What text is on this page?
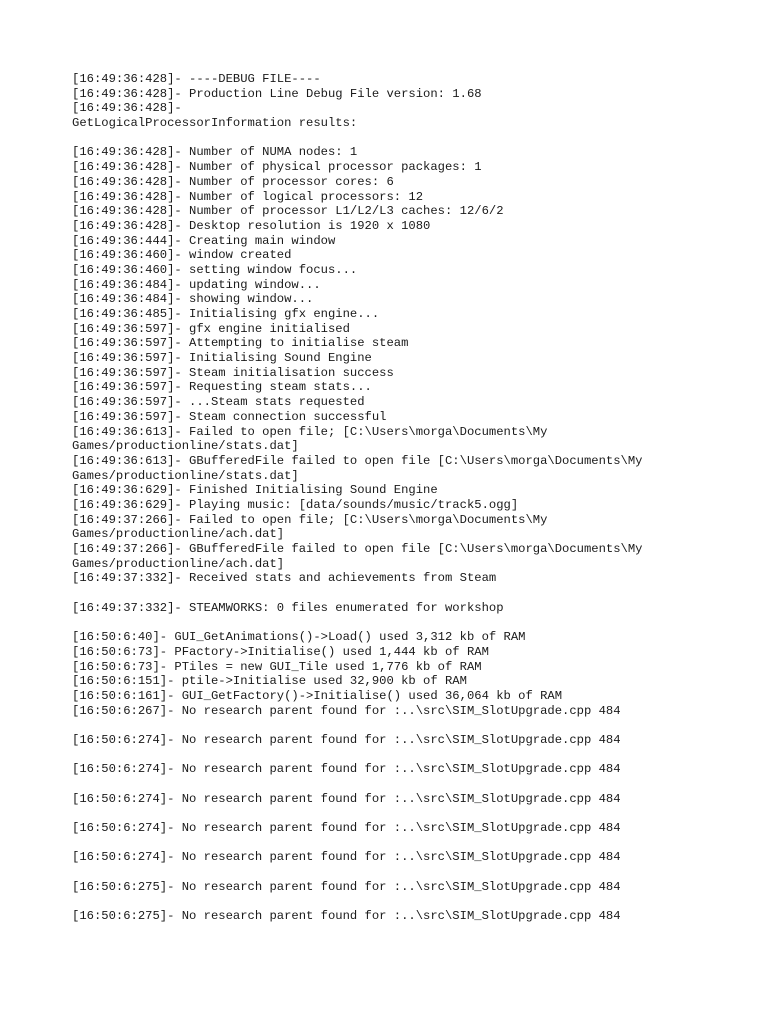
[16:49:36:428]- ----DEBUG FILE----
[16:49:36:428]- Production Line Debug File version: 1.68
[16:49:36:428]-
GetLogicalProcessorInformation results:
[16:49:36:428]- Number of NUMA nodes: 1
[16:49:36:428]- Number of physical processor packages: 1
[16:49:36:428]- Number of processor cores: 6
[16:49:36:428]- Number of logical processors: 12
[16:49:36:428]- Number of processor L1/L2/L3 caches: 12/6/2
[16:49:36:428]- Desktop resolution is 1920 x 1080
[16:49:36:444]- Creating main window
[16:49:36:460]- window created
[16:49:36:460]- setting window focus...
[16:49:36:484]- updating window...
[16:49:36:484]- showing window...
[16:49:36:485]- Initialising gfx engine...
[16:49:36:597]- gfx engine initialised
[16:49:36:597]- Attempting to initialise steam
[16:49:36:597]- Initialising Sound Engine
[16:49:36:597]- Steam initialisation success
[16:49:36:597]- Requesting steam stats...
[16:49:36:597]- ...Steam stats requested
[16:49:36:597]- Steam connection successful
[16:49:36:613]- Failed to open file; [C:\Users\morga\Documents\My
Games/productionline/stats.dat]
[16:49:36:613]- GBufferedFile failed to open file [C:\Users\morga\Documents\My
Games/productionline/stats.dat]
[16:49:36:629]- Finished Initialising Sound Engine
[16:49:36:629]- Playing music: [data/sounds/music/track5.ogg]
[16:49:37:266]- Failed to open file; [C:\Users\morga\Documents\My
Games/productionline/ach.dat]
[16:49:37:266]- GBufferedFile failed to open file [C:\Users\morga\Documents\My
Games/productionline/ach.dat]
[16:49:37:332]- Received stats and achievements from Steam
[16:49:37:332]- STEAMWORKS: 0 files enumerated for workshop
[16:50:6:40]- GUI_GetAnimations()->Load() used 3,312 kb of RAM
[16:50:6:73]- PFactory->Initialise() used 1,444 kb of RAM
[16:50:6:73]- PTiles = new GUI_Tile used 1,776 kb of RAM
[16:50:6:151]- ptile->Initialise used 32,900 kb of RAM
[16:50:6:161]- GUI_GetFactory()->Initialise() used 36,064 kb of RAM
[16:50:6:267]- No research parent found for :..\src\SIM_SlotUpgrade.cpp 484
[16:50:6:274]- No research parent found for :..\src\SIM_SlotUpgrade.cpp 484
[16:50:6:274]- No research parent found for :..\src\SIM_SlotUpgrade.cpp 484
[16:50:6:274]- No research parent found for :..\src\SIM_SlotUpgrade.cpp 484
[16:50:6:274]- No research parent found for :..\src\SIM_SlotUpgrade.cpp 484
[16:50:6:274]- No research parent found for :..\src\SIM_SlotUpgrade.cpp 484
[16:50:6:275]- No research parent found for :..\src\SIM_SlotUpgrade.cpp 484
[16:50:6:275]- No research parent found for :..\src\SIM_SlotUpgrade.cpp 484
